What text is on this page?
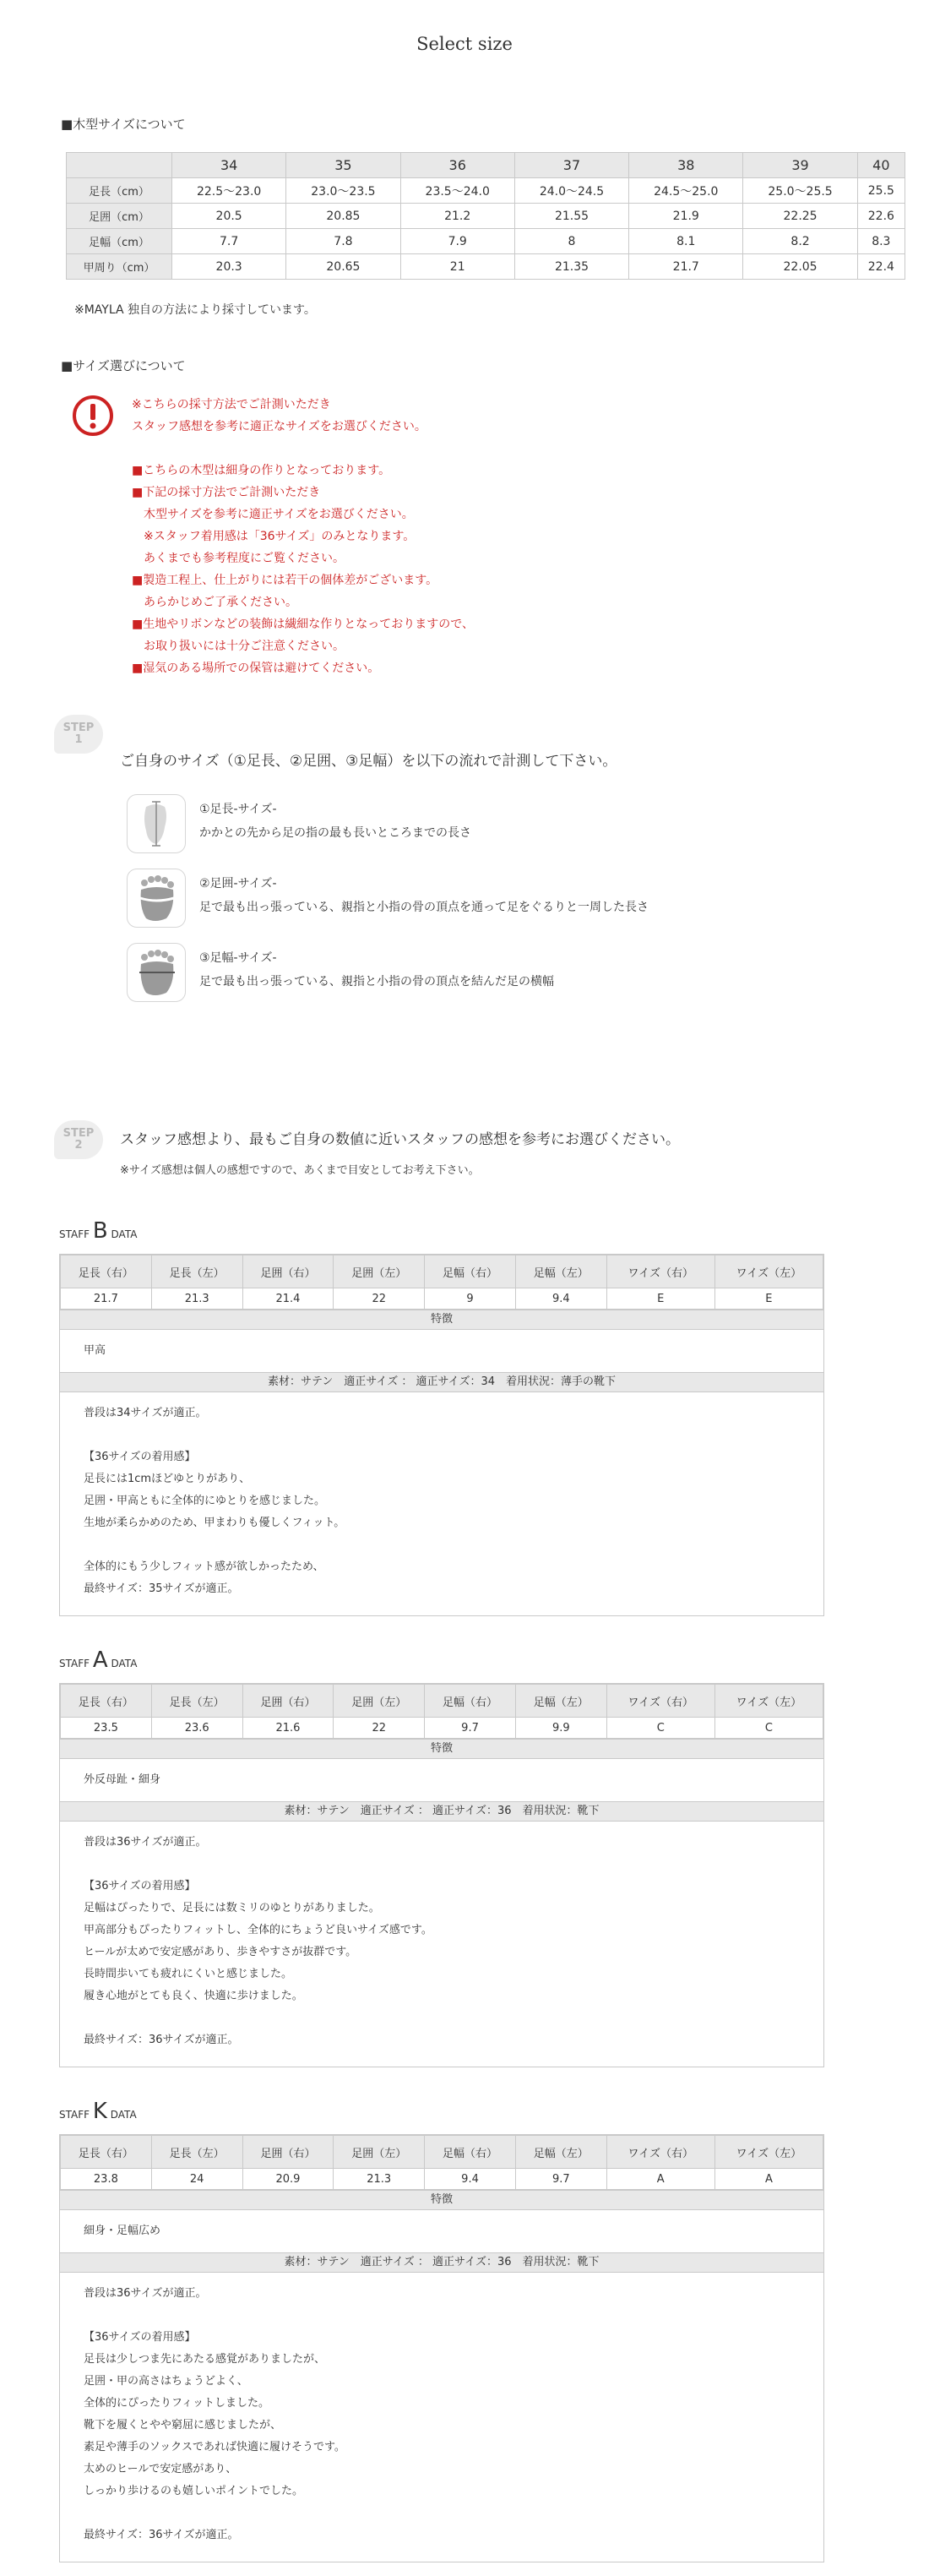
Select size
■木型サイズについて
	34	35	36	37	38	39	40
足長（cm）	22.5〜23.0	23.0〜23.5	23.5〜24.0	24.0〜24.5	24.5〜25.0	25.0〜25.5	25.5
足囲（cm）	20.5	20.85	21.2	21.55	21.9	22.25	22.6
足幅（cm）	7.7	7.8	7.9	8	8.1	8.2	8.3
甲周り（cm）	20.3	20.65	21	21.35	21.7	22.05	22.4
※MAYLA 独自の方法により採寸しています。
■サイズ選びについて
※こちらの採寸方法でご計測いただき
スタッフ感想を参考に適正なサイズをお選びください。
■こちらの木型は細身の作りとなっております。
■下記の採寸方法でご計測いただき
　木型サイズを参考に適正サイズをお選びください。
　※スタッフ着用感は「36サイズ」のみとなります。
　あくまでも参考程度にご覧ください。
■製造工程上、仕上がりには若干の個体差がございます。
　あらかじめご了承ください。
■生地やリボンなどの装飾は繊細な作りとなっておりますので、
　お取り扱いには十分ご注意ください。
■湿気のある場所での保管は避けてください。
STEP
1
ご自身のサイズ（①足長、②足囲、③足幅）を以下の流れで計測して下さい。
①足長-サイズ-
かかとの先から足の指の最も長いところまでの長さ
②足囲-サイズ-
足で最も出っ張っている、親指と小指の骨の頂点を通って足をぐるりと一周した長さ
③足幅-サイズ-
足で最も出っ張っている、親指と小指の骨の頂点を結んだ足の横幅
STEP
2	スタッフ感想より、最もご自身の数値に近いスタッフの感想を参考にお選びください。
※サイズ感想は個人の感想ですので、あくまで目安としてお考え下さい。
STAFF B DATA
足長（右）	足長（左）	足囲（右）	足囲（左）	足幅（右）	足幅（左）	ワイズ（右）	ワイズ（左）
21.7	21.3	21.4	22	9	9.4	E	E
特徴
甲高
素材：サテン　適正サイズ ： 適正サイズ：34　着用状況：薄手の靴下
普段は34サイズが適正。
【36サイズの着用感】
足長には1cmほどゆとりがあり、
足囲・甲高ともに全体的にゆとりを感じました。
生地が柔らかめのため、甲まわりも優しくフィット。
全体的にもう少しフィット感が欲しかったため、
最終サイズ：35サイズが適正。
STAFF A DATA
足長（右）	足長（左）	足囲（右）	足囲（左）	足幅（右）	足幅（左）	ワイズ（右）	ワイズ（左）
23.5	23.6	21.6	22	9.7	9.9	C	C
特徴
外反母趾・細身
素材：サテン　適正サイズ ： 適正サイズ：36　着用状況：靴下
普段は36サイズが適正。
【36サイズの着用感】
足幅はぴったりで、足長には数ミリのゆとりがありました。
甲高部分もぴったりフィットし、全体的にちょうど良いサイズ感です。
ヒールが太めで安定感があり、歩きやすさが抜群です。
長時間歩いても疲れにくいと感じました。
履き心地がとても良く、快適に歩けました。
最終サイズ：36サイズが適正。
STAFF K DATA
足長（右）	足長（左）	足囲（右）	足囲（左）	足幅（右）	足幅（左）	ワイズ（右）	ワイズ（左）
23.8	24	20.9	21.3	9.4	9.7	A	A
特徴
細身・足幅広め
素材：サテン　適正サイズ ： 適正サイズ：36　着用状況：靴下
普段は36サイズが適正。
【36サイズの着用感】
足長は少しつま先にあたる感覚がありましたが、
足囲・甲の高さはちょうどよく、
全体的にぴったりフィットしました。
靴下を履くとやや窮屈に感じましたが、
素足や薄手のソックスであれば快適に履けそうです。
太めのヒールで安定感があり、
しっかり歩けるのも嬉しいポイントでした。
最終サイズ：36サイズが適正。
